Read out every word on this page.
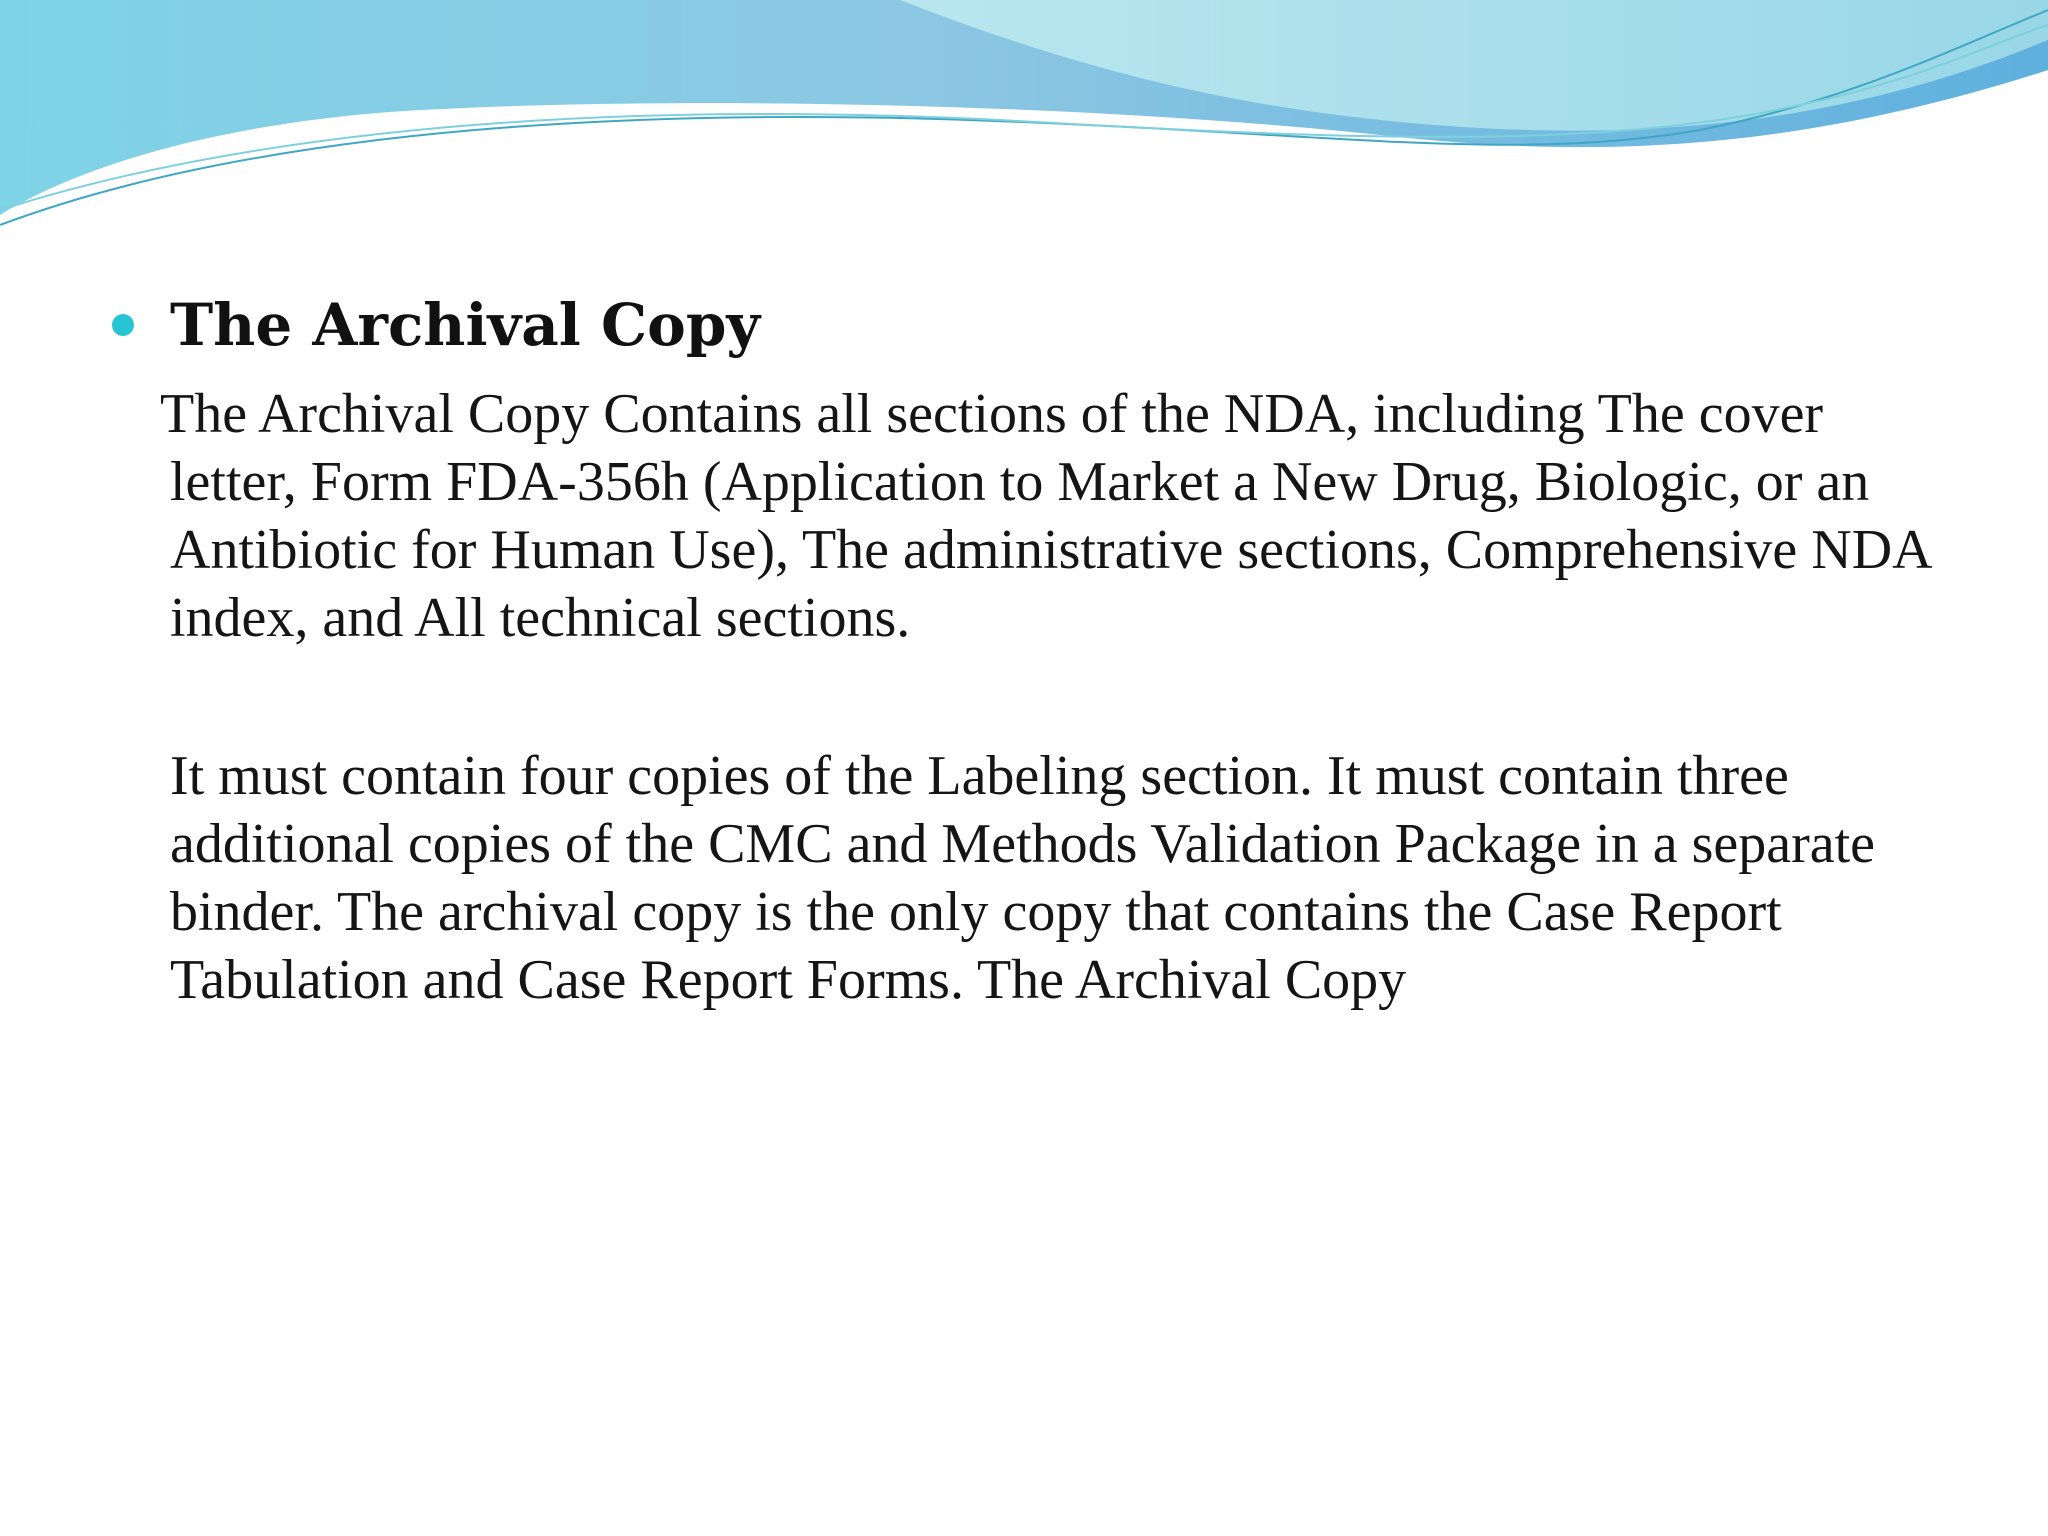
The Archival Copy
The Archival Copy Contains all sections of the NDA, including The cover letter, Form FDA-356h (Application to Market a New Drug, Biologic, or an Antibiotic for Human Use), The administrative sections, Comprehensive NDA index, and All technical sections.
It must contain four copies of the Labeling section. It must contain three additional copies of the CMC and Methods Validation Package in a separate binder. The archival copy is the only copy that contains the Case Report Tabulation and Case Report Forms. The Archival Copy
